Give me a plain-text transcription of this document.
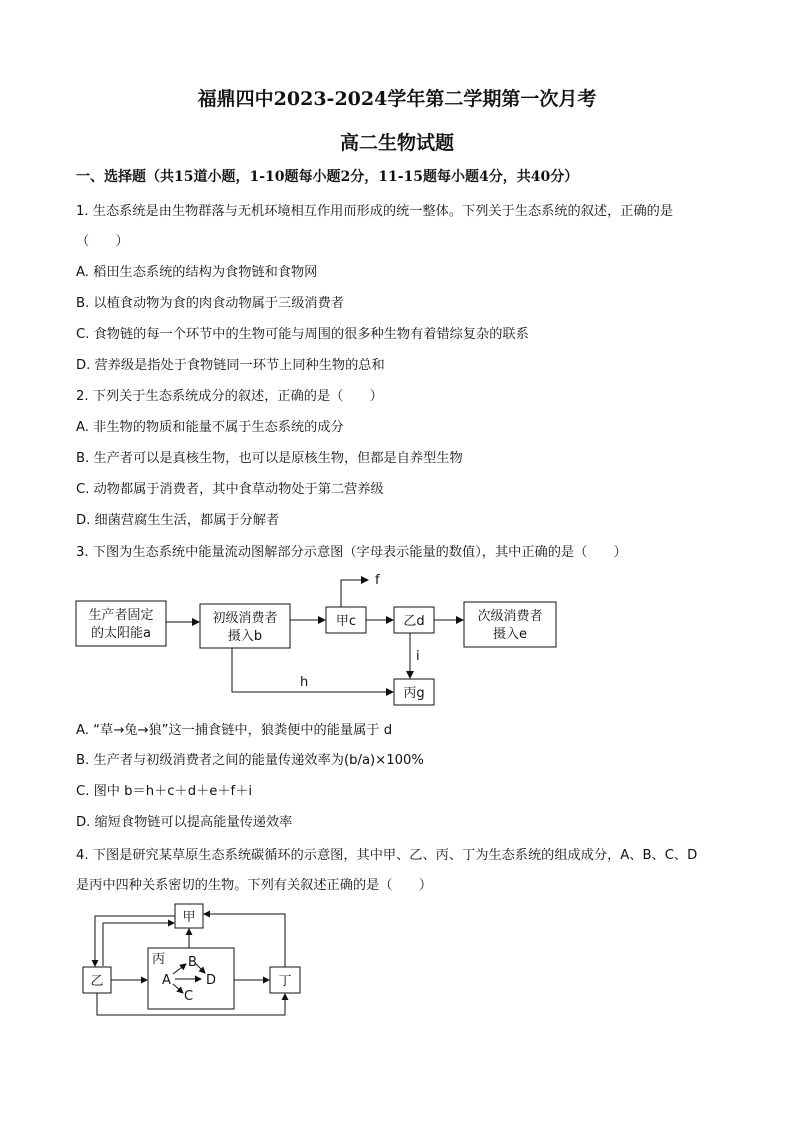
福鼎四中2023-2024学年第二学期第一次月考
高二生物试题
一、选择题（共15道小题，1-10题每小题2分，11-15题每小题4分，共40分）
1. 生态系统是由生物群落与无机环境相互作用而形成的统一整体。下列关于生态系统的叙述，正确的是
（　　）
A. 稻田生态系统的结构为食物链和食物网
B. 以植食动物为食的肉食动物属于三级消费者
C. 食物链的每一个环节中的生物可能与周围的很多种生物有着错综复杂的联系
D. 营养级是指处于食物链同一环节上同种生物的总和
2. 下列关于生态系统成分的叙述，正确的是（　　）
A. 非生物的物质和能量不属于生态系统的成分
B. 生产者可以是真核生物，也可以是原核生物，但都是自养型生物
C. 动物都属于消费者，其中食草动物处于第二营养级
D. 细菌营腐生生活，都属于分解者
3. 下图为生态系统中能量流动图解部分示意图（字母表示能量的数值），其中正确的是（　　）
生产者固定
的太阳能a
初级消费者
摄入b
甲c	乙d	次级消费者
摄入e
丙g
f
h
i
A. “草→兔→狼”这一捕食链中，狼粪便中的能量属于 d
B. 生产者与初级消费者之间的能量传递效率为(b/a)×100%
C. 图中 b＝h＋c＋d＋e＋f＋i
D. 缩短食物链可以提高能量传递效率
4. 下图是研究某草原生态系统碳循环的示意图，其中甲、乙、丙、丁为生态系统的组成成分，A、B、C、D
是丙中四种关系密切的生物。下列有关叙述正确的是（　　）
甲
乙
丙
丁
A
B
C
D
